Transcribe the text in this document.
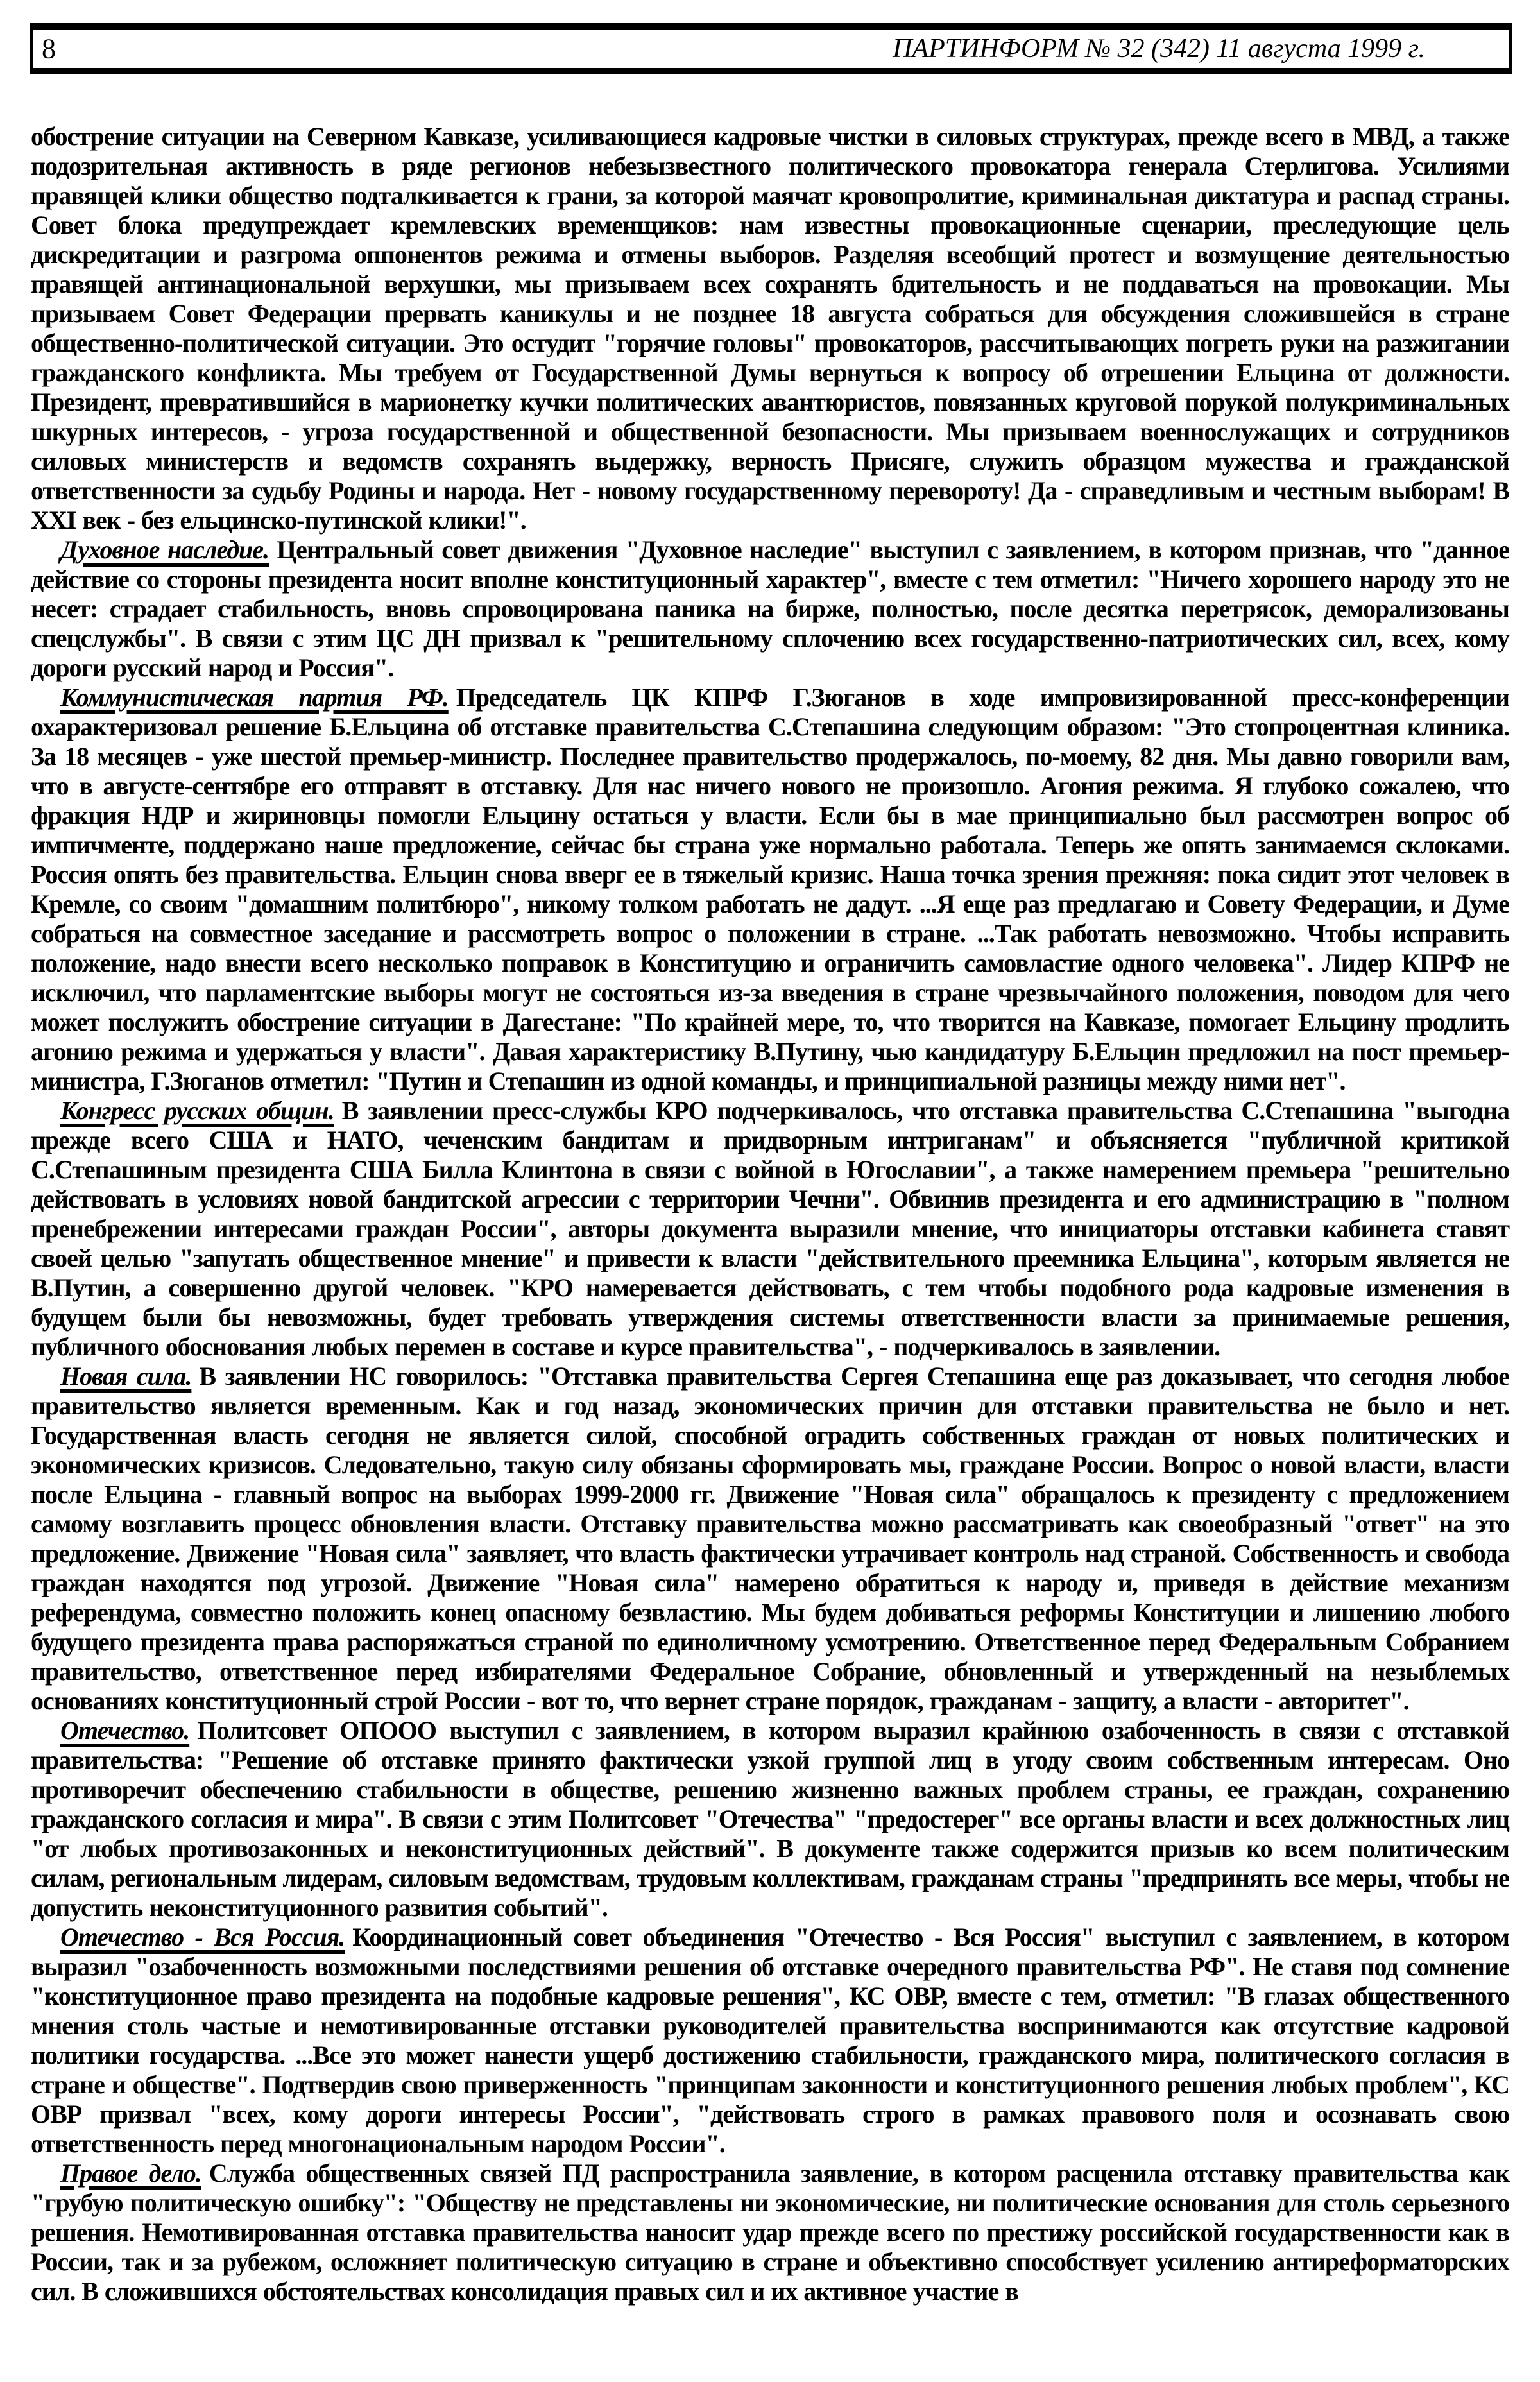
8	ПАРТИНФОРМ № 32 (342) 11 августа 1999 г.

обострение ситуации на Северном Кавказе, усиливающиеся кадровые чистки в силовых структурах, прежде всего в МВД, а также подозрительная активность в ряде регионов небезызвестного политического провокатора генерала Стерлигова. Усилиями правящей клики общество подталкивается к грани, за которой маячат кровопролитие, криминальная диктатура и распад страны. Совет блока предупреждает кремлевских временщиков: нам известны провокационные сценарии, преследующие цель дискредитации и разгрома оппонентов режима и отмены выборов. Разделяя всеобщий протест и возмущение деятельностью правящей антинациональной верхушки, мы призываем всех сохранять бдительность и не поддаваться на провокации. Мы призываем Совет Федерации прервать каникулы и не позднее 18 августа собраться для обсуждения сложившейся в стране общественно-политической ситуации. Это остудит "горячие головы" провокаторов, рассчитывающих погреть руки на разжигании гражданского конфликта. Мы требуем от Государственной Думы вернуться к вопросу об отрешении Ельцина от должности. Президент, превратившийся в марионетку кучки политических авантюристов, повязанных круговой порукой полукриминальных шкурных интересов, - угроза государственной и общественной безопасности. Мы призываем военнослужащих и сотрудников силовых министерств и ведомств сохранять выдержку, верность Присяге, служить образцом мужества и гражданской ответственности за судьбу Родины и народа. Нет - новому государственному перевороту! Да - справедливым и честным выборам! В XXI век - без ельцинско-путинской клики!".

Духовное наследие. Центральный совет движения "Духовное наследие" выступил с заявлением, в котором признав, что "данное действие со стороны президента носит вполне конституционный характер", вместе с тем отметил: "Ничего хорошего народу это не несет: страдает стабильность, вновь спровоцирована паника на бирже, полностью, после десятка перетрясок, деморализованы спецслужбы". В связи с этим ЦС ДН призвал к "решительному сплочению всех государственно-патриотических сил, всех, кому дороги русский народ и Россия".

Коммунистическая партия РФ. Председатель ЦК КПРФ Г.Зюганов в ходе импровизированной пресс-конференции охарактеризовал решение Б.Ельцина об отставке правительства С.Степашина следующим образом: "Это стопроцентная клиника. За 18 месяцев - уже шестой премьер-министр. Последнее правительство продержалось, по-моему, 82 дня. Мы давно говорили вам, что в августе-сентябре его отправят в отставку. Для нас ничего нового не произошло. Агония режима. Я глубоко сожалею, что фракция НДР и жириновцы помогли Ельцину остаться у власти. Если бы в мае принципиально был рассмотрен вопрос об импичменте, поддержано наше предложение, сейчас бы страна уже нормально работала. Теперь же опять занимаемся склоками. Россия опять без правительства. Ельцин снова вверг ее в тяжелый кризис. Наша точка зрения прежняя: пока сидит этот человек в Кремле, со своим "домашним политбюро", никому толком работать не дадут. ...Я еще раз предлагаю и Совету Федерации, и Думе собраться на совместное заседание и рассмотреть вопрос о положении в стране. ...Так работать невозможно. Чтобы исправить положение, надо внести всего несколько поправок в Конституцию и ограничить самовластие одного человека". Лидер КПРФ не исключил, что парламентские выборы могут не состояться из-за введения в стране чрезвычайного положения, поводом для чего может послужить обострение ситуации в Дагестане: "По крайней мере, то, что творится на Кавказе, помогает Ельцину продлить агонию режима и удержаться у власти". Давая характеристику В.Путину, чью кандидатуру Б.Ельцин предложил на пост премьер-министра, Г.Зюганов отметил: "Путин и Степашин из одной команды, и принципиальной разницы между ними нет".

Конгресс русских общин. В заявлении пресс-службы КРО подчеркивалось, что отставка правительства С.Степашина "выгодна прежде всего США и НАТО, чеченским бандитам и придворным интриганам" и объясняется "публичной критикой С.Степашиным президента США Билла Клинтона в связи с войной в Югославии", а также намерением премьера "решительно действовать в условиях новой бандитской агрессии с территории Чечни". Обвинив президента и его администрацию в "полном пренебрежении интересами граждан России", авторы документа выразили мнение, что инициаторы отставки кабинета ставят своей целью "запутать общественное мнение" и привести к власти "действительного преемника Ельцина", которым является не В.Путин, а совершенно другой человек. "КРО намеревается действовать, с тем чтобы подобного рода кадровые изменения в будущем были бы невозможны, будет требовать утверждения системы ответственности власти за принимаемые решения, публичного обоснования любых перемен в составе и курсе правительства", - подчеркивалось в заявлении.

Новая сила. В заявлении НС говорилось: "Отставка правительства Сергея Степашина еще раз доказывает, что сегодня любое правительство является временным. Как и год назад, экономических причин для отставки правительства не было и нет. Государственная власть сегодня не является силой, способной оградить собственных граждан от новых политических и экономических кризисов. Следовательно, такую силу обязаны сформировать мы, граждане России. Вопрос о новой власти, власти после Ельцина - главный вопрос на выборах 1999-2000 гг. Движение "Новая сила" обращалось к президенту с предложением самому возглавить процесс обновления власти. Отставку правительства можно рассматривать как своеобразный "ответ" на это предложение. Движение "Новая сила" заявляет, что власть фактически утрачивает контроль над страной. Собственность и свобода граждан находятся под угрозой. Движение "Новая сила" намерено обратиться к народу и, приведя в действие механизм референдума, совместно положить конец опасному безвластию. Мы будем добиваться реформы Конституции и лишению любого будущего президента права распоряжаться страной по единоличному усмотрению. Ответственное перед Федеральным Собранием правительство, ответственное перед избирателями Федеральное Собрание, обновленный и утвержденный на незыблемых основаниях конституционный строй России - вот то, что вернет стране порядок, гражданам - защиту, а власти - авторитет".

Отечество. Политсовет ОПООО выступил с заявлением, в котором выразил крайнюю озабоченность в связи с отставкой правительства: "Решение об отставке принято фактически узкой группой лиц в угоду своим собственным интересам. Оно противоречит обеспечению стабильности в обществе, решению жизненно важных проблем страны, ее граждан, сохранению гражданского согласия и мира". В связи с этим Политсовет "Отечества" "предостерег" все органы власти и всех должностных лиц "от любых противозаконных и неконституционных действий". В документе также содержится призыв ко всем политическим силам, региональным лидерам, силовым ведомствам, трудовым коллективам, гражданам страны "предпринять все меры, чтобы не допустить неконституционного развития событий".

Отечество - Вся Россия. Координационный совет объединения "Отечество - Вся Россия" выступил с заявлением, в котором выразил "озабоченность возможными последствиями решения об отставке очередного правительства РФ". Не ставя под сомнение "конституционное право президента на подобные кадровые решения", КС ОВР, вместе с тем, отметил: "В глазах общественного мнения столь частые и немотивированные отставки руководителей правительства воспринимаются как отсутствие кадровой политики государства. ...Все это может нанести ущерб достижению стабильности, гражданского мира, политического согласия в стране и обществе". Подтвердив свою приверженность "принципам законности и конституционного решения любых проблем", КС ОВР призвал "всех, кому дороги интересы России", "действовать строго в рамках правового поля и осознавать свою ответственность перед многонациональным народом России".

Правое дело. Служба общественных связей ПД распространила заявление, в котором расценила отставку правительства как "грубую политическую ошибку": "Обществу не представлены ни экономические, ни политические основания для столь серьезного решения. Немотивированная отставка правительства наносит удар прежде всего по престижу российской государственности как в России, так и за рубежом, осложняет политическую ситуацию в стране и объективно способствует усилению антиреформаторских сил. В сложившихся обстоятельствах консолидация правых сил и их активное участие в
